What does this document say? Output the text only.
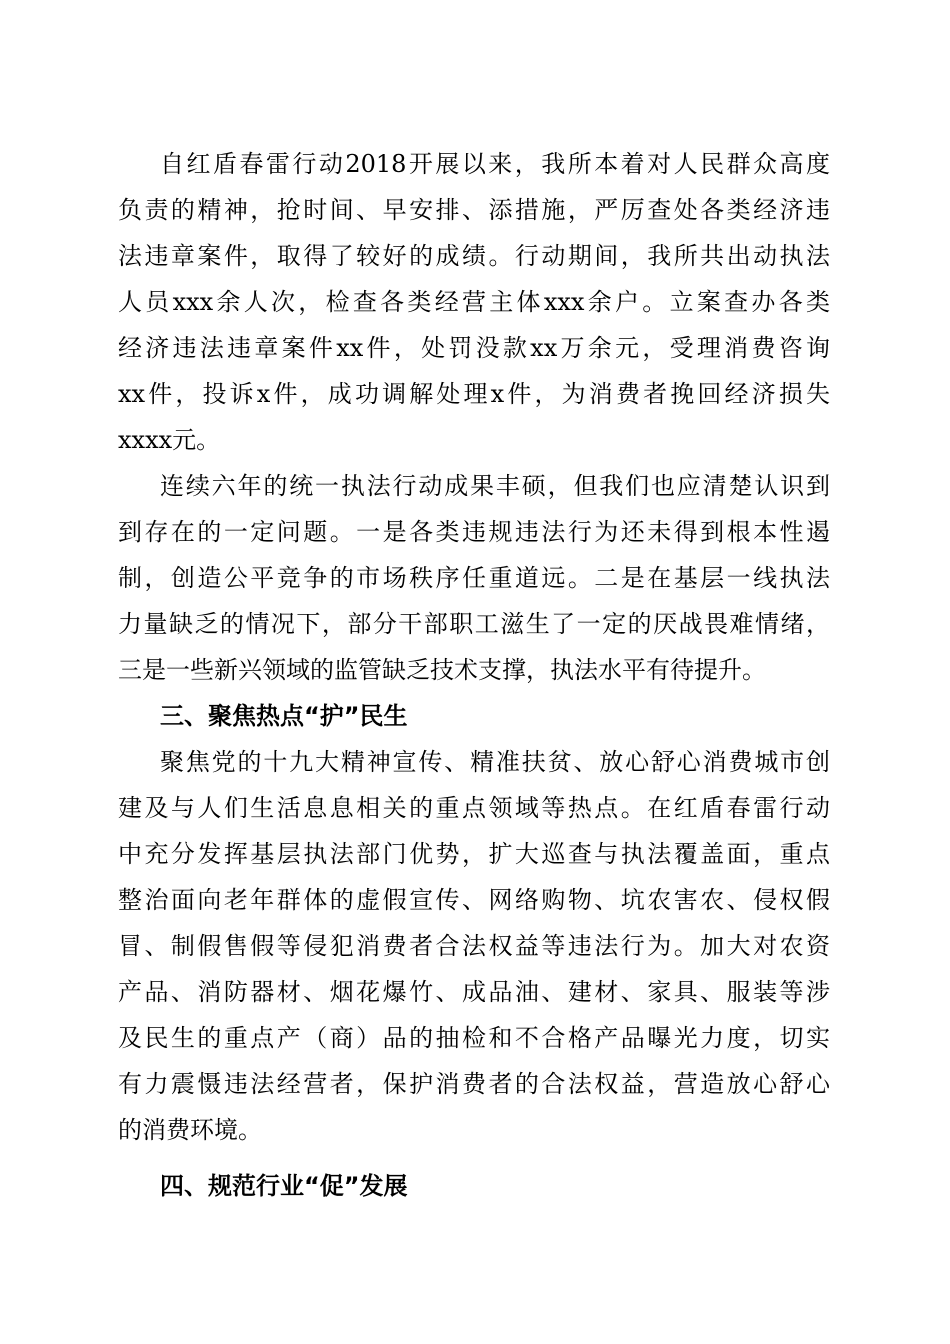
自红盾春雷行动2018开展以来，我所本着对人民群众高度
负责的精神，抢时间、早安排、添措施，严厉查处各类经济违
法违章案件，取得了较好的成绩。行动期间，我所共出动执法
人员xxx余人次，检查各类经营主体xxx余户。立案查办各类
经济违法违章案件xx件，处罚没款xx万余元，受理消费咨询
xx件，投诉x件，成功调解处理x件，为消费者挽回经济损失
xxxx元。
连续六年的统一执法行动成果丰硕，但我们也应清楚认识到
到存在的一定问题。一是各类违规违法行为还未得到根本性遏
制，创造公平竞争的市场秩序任重道远。二是在基层一线执法
力量缺乏的情况下，部分干部职工滋生了一定的厌战畏难情绪，
三是一些新兴领域的监管缺乏技术支撑，执法水平有待提升。
三、聚焦热点“护”民生
聚焦党的十九大精神宣传、精准扶贫、放心舒心消费城市创
建及与人们生活息息相关的重点领域等热点。在红盾春雷行动
中充分发挥基层执法部门优势，扩大巡查与执法覆盖面，重点
整治面向老年群体的虚假宣传、网络购物、坑农害农、侵权假
冒、制假售假等侵犯消费者合法权益等违法行为。加大对农资
产品、消防器材、烟花爆竹、成品油、建材、家具、服装等涉
及民生的重点产（商）品的抽检和不合格产品曝光力度，切实
有力震慑违法经营者，保护消费者的合法权益，营造放心舒心
的消费环境。
四、规范行业“促”发展
